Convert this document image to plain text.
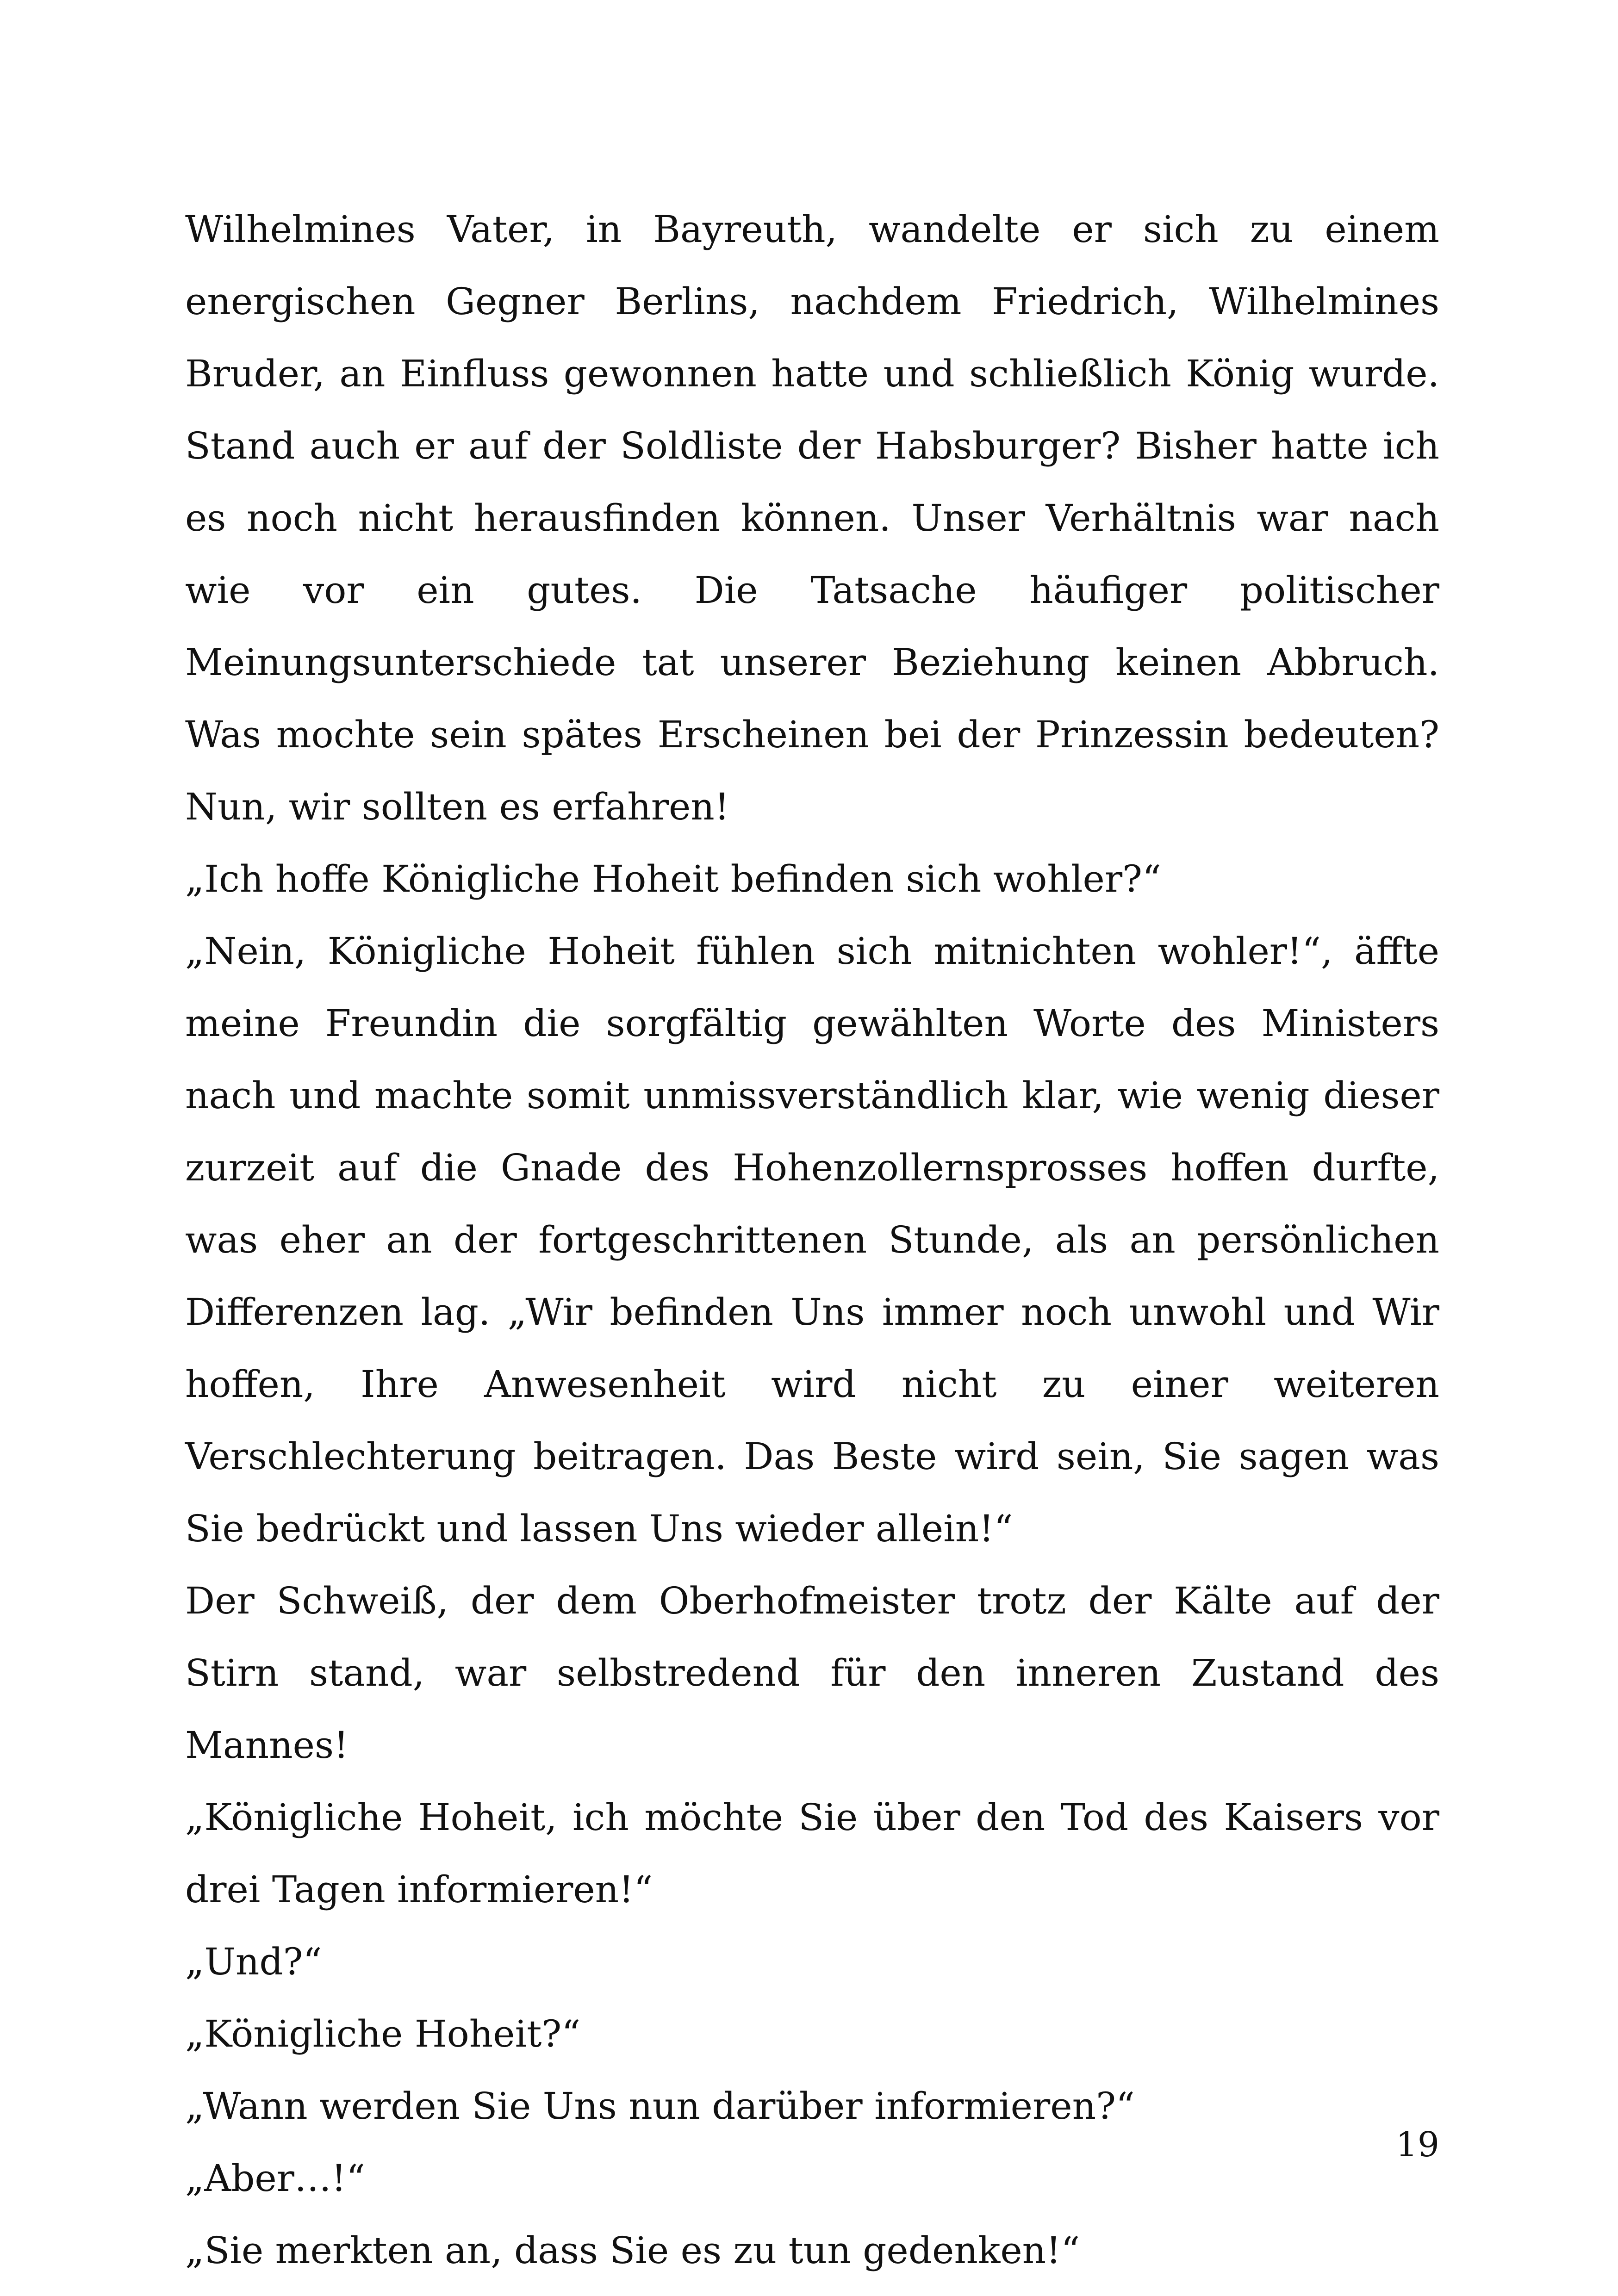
Wilhelmines Vater, in Bayreuth, wandelte er sich zu einem energischen Gegner Berlins, nachdem Friedrich, Wilhelmines Bruder, an Einfluss gewonnen hatte und schließlich König wurde. Stand auch er auf der Soldliste der Habsburger? Bisher hatte ich es noch nicht herausfinden können. Unser Verhältnis war nach wie vor ein gutes. Die Tatsache häufiger politischer Meinungsunterschiede tat unserer Beziehung keinen Abbruch. Was mochte sein spätes Erscheinen bei der Prinzessin bedeuten? Nun, wir sollten es erfahren!

„Ich hoffe Königliche Hoheit befinden sich wohler?“

„Nein, Königliche Hoheit fühlen sich mitnichten wohler!“, äffte meine Freundin die sorgfältig gewählten Worte des Ministers nach und machte somit unmissverständlich klar, wie wenig dieser zurzeit auf die Gnade des Hohenzollernsprosses hoffen durfte, was eher an der fortgeschrittenen Stunde, als an persönlichen Differenzen lag. „Wir befinden Uns immer noch unwohl und Wir hoffen, Ihre Anwesenheit wird nicht zu einer weiteren Verschlechterung beitragen. Das Beste wird sein, Sie sagen was Sie bedrückt und lassen Uns wieder allein!“

Der Schweiß, der dem Oberhofmeister trotz der Kälte auf der Stirn stand, war selbstredend für den inneren Zustand des Mannes!

„Königliche Hoheit, ich möchte Sie über den Tod des Kaisers vor drei Tagen informieren!“

„Und?“

„Königliche Hoheit?“

„Wann werden Sie Uns nun darüber informieren?“

„Aber…!“

„Sie merkten an, dass Sie es zu tun gedenken!“

19
